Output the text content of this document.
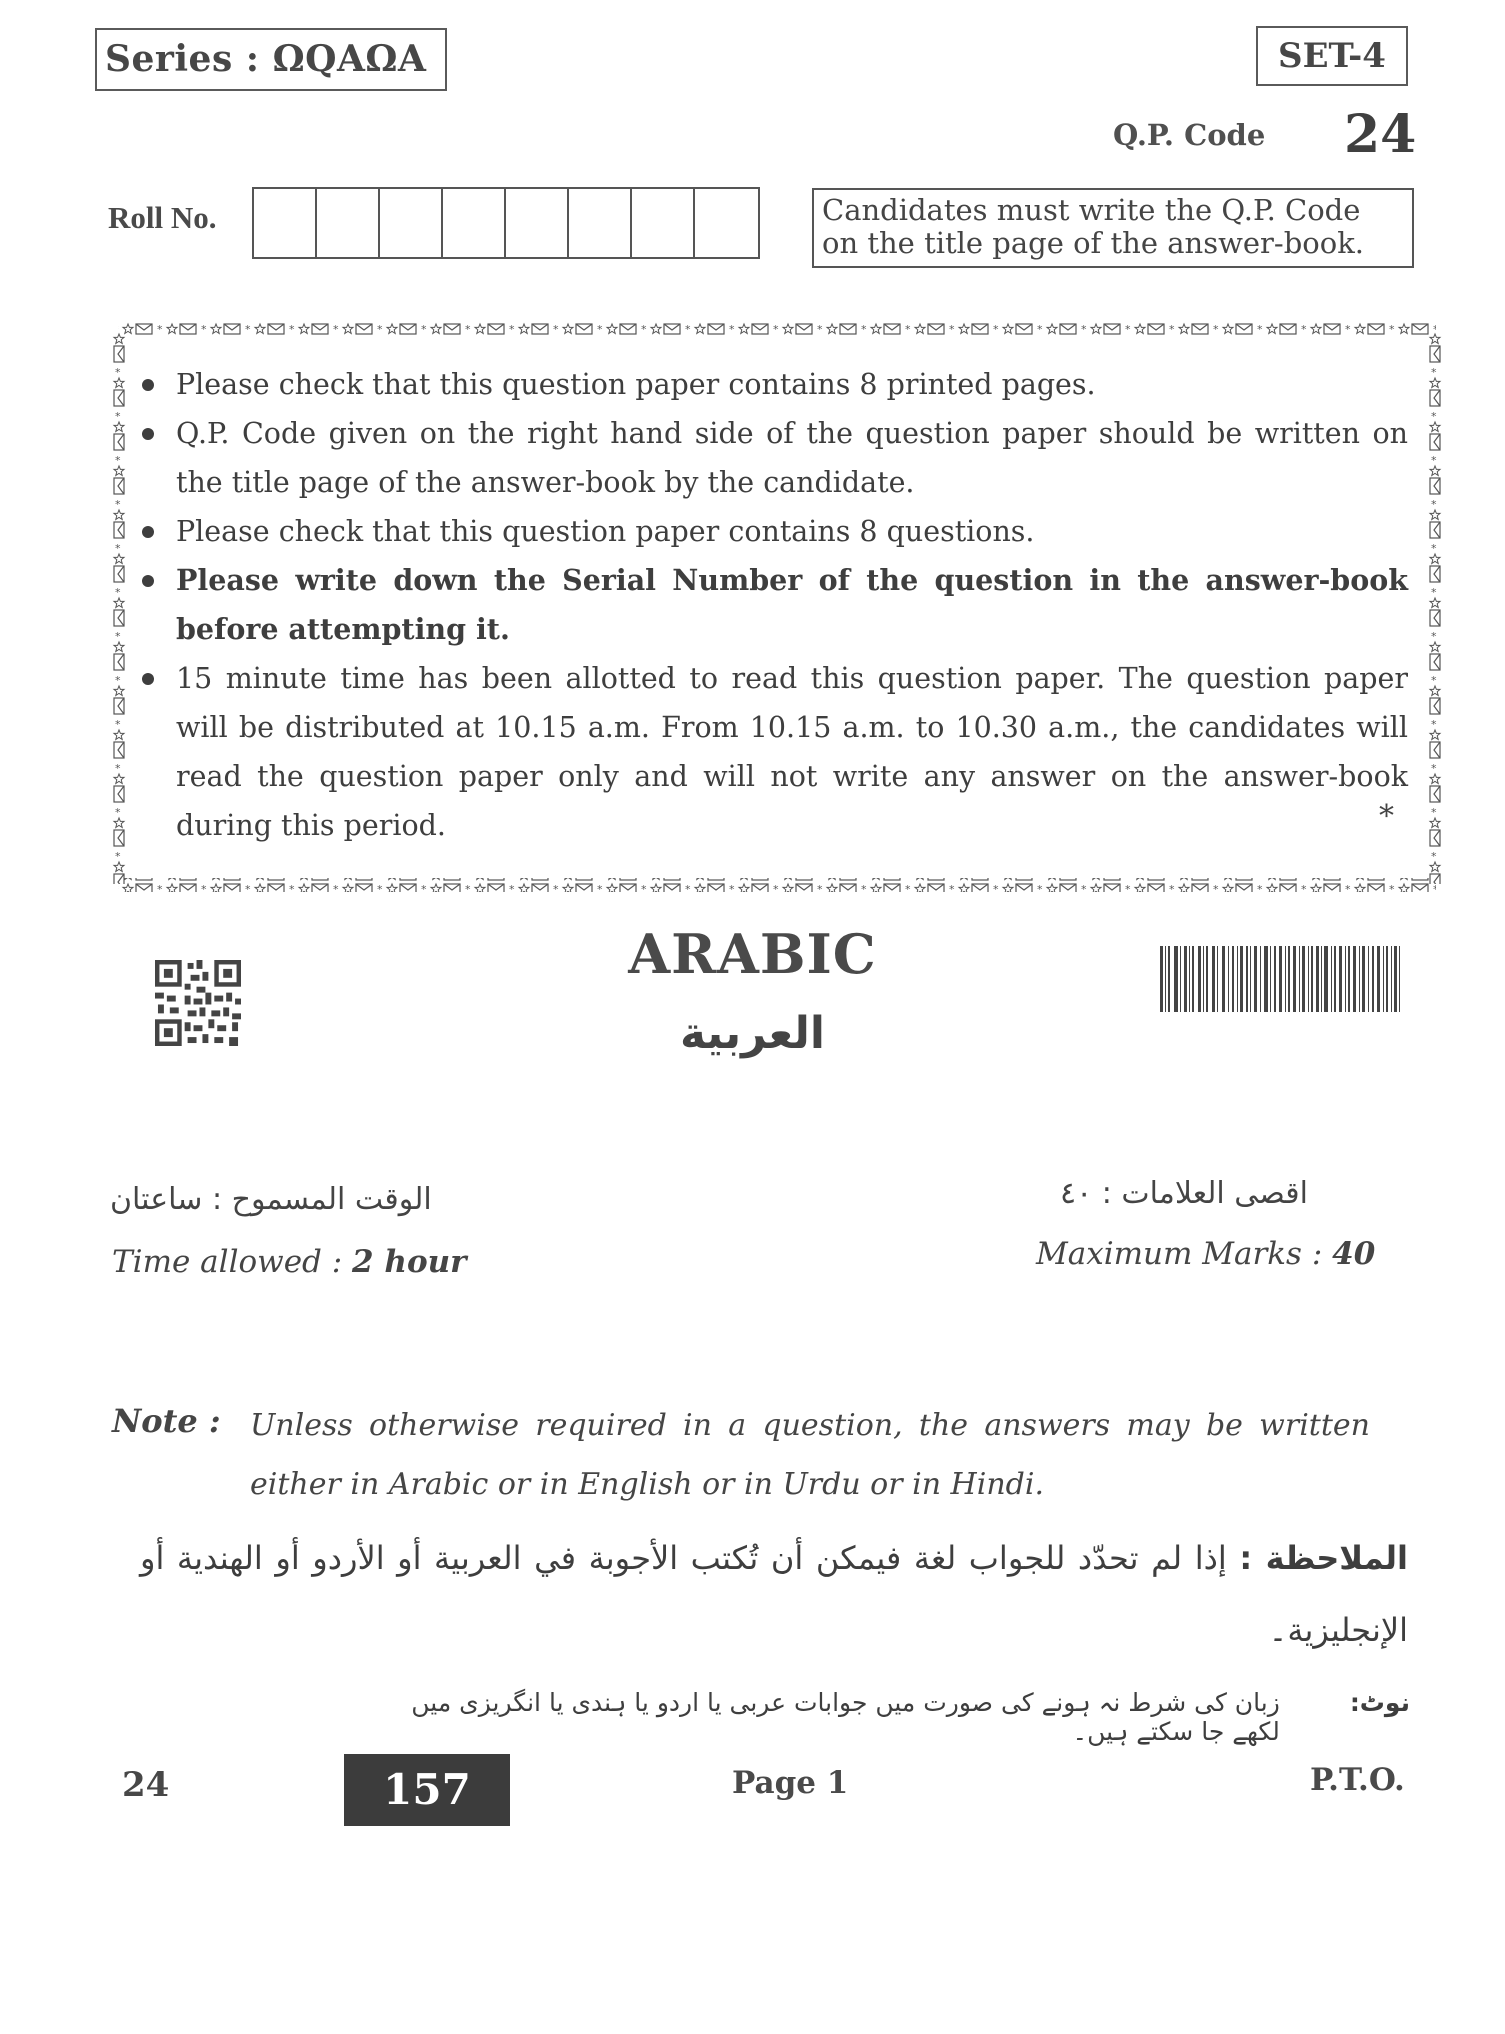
Series : ΩQAΩA	SET-4
Q.P. Code 24
Roll No.	Candidates must write the Q.P. Code on the title page of the answer-book.
*
Please check that this question paper contains 8 printed pages.
Q.P. Code given on the right hand side of the question paper should be written on the title page of the answer-book by the candidate.
Please check that this question paper contains 8 questions.
Please write down the Serial Number of the question in the answer-book before attempting it.
15 minute time has been allotted to read this question paper. The question paper will be distributed at 10.15 a.m. From 10.15 a.m. to 10.30 a.m., the candidates will read the question paper only and will not write any answer on the answer-book during this period.	*
ARABIC
العربية
الوقت المسموح : ساعتان
Time allowed : 2 hour
اقصى العلامات : ٤٠
Maximum Marks : 40
Note : Unless otherwise required in a question, the answers may be written either in Arabic or in English or in Urdu or in Hindi.
الملاحظة : إذا لم تحدّد للجواب لغة فيمكن أن تُكتب الأجوبة في العربية أو الأردو أو الهندية أو الإنجليزية۔
نوٹ:
زبان کی شرط نہ ہونے کی صورت میں جوابات عربی یا اردو یا ہندی یا انگریزی میں لکھے جا سکتے ہیں۔
24	157	Page 1	P.T.O.
